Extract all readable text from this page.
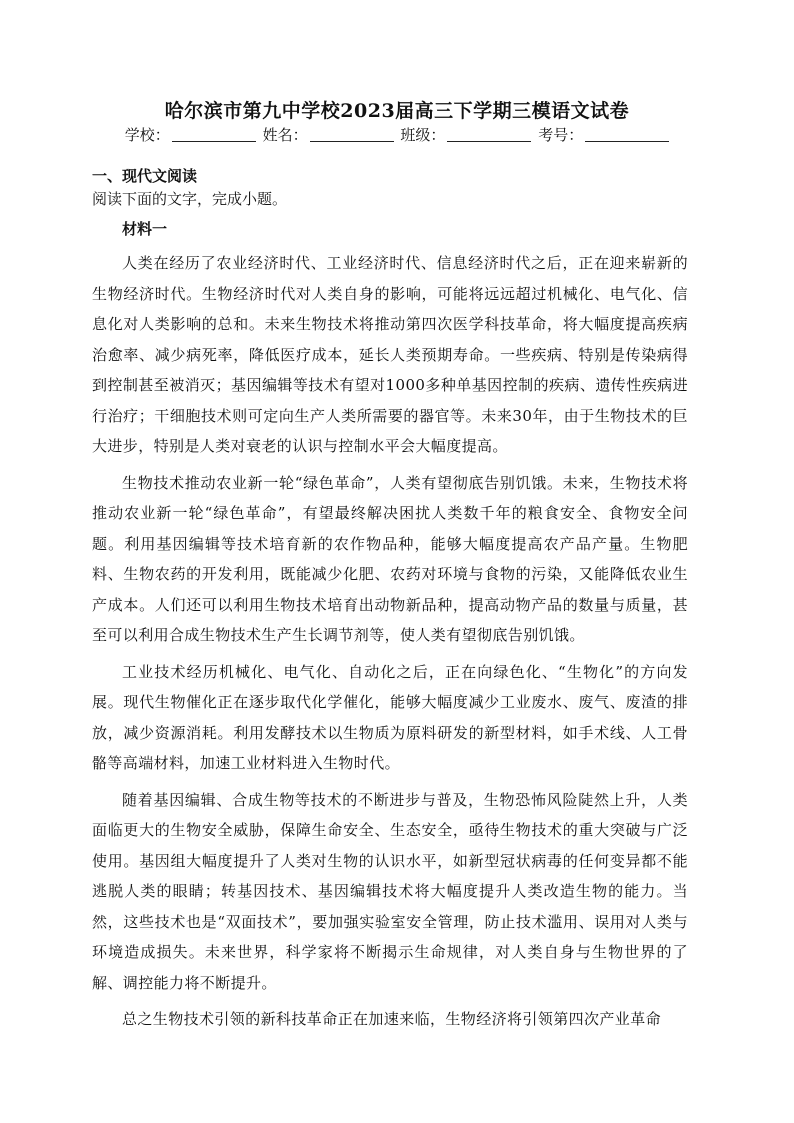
哈尔滨市第九中学校2023届高三下学期三模语文试卷
学校：	姓名：	班级：	考号：
一、现代文阅读
阅读下面的文字，完成小题。
材料一

人类在经历了农业经济时代、工业经济时代、信息经济时代之后，正在迎来崭新的生物经济时代。生物经济时代对人类自身的影响，可能将远远超过机械化、电气化、信息化对人类影响的总和。未来生物技术将推动第四次医学科技革命，将大幅度提高疾病治愈率、减少病死率，降低医疗成本，延长人类预期寿命。一些疾病、特别是传染病得到控制甚至被消灭；基因编辑等技术有望对1000多种单基因控制的疾病、遗传性疾病进行治疗；干细胞技术则可定向生产人类所需要的器官等。未来30年，由于生物技术的巨大进步，特别是人类对衰老的认识与控制水平会大幅度提高。

生物技术推动农业新一轮“绿色革命”，人类有望彻底告别饥饿。未来，生物技术将推动农业新一轮“绿色革命”，有望最终解决困扰人类数千年的粮食安全、食物安全问题。利用基因编辑等技术培育新的农作物品种，能够大幅度提高农产品产量。生物肥料、生物农药的开发利用，既能减少化肥、农药对环境与食物的污染，又能降低农业生产成本。人们还可以利用生物技术培育出动物新品种，提高动物产品的数量与质量，甚至可以利用合成生物技术生产生长调节剂等，使人类有望彻底告别饥饿。

工业技术经历机械化、电气化、自动化之后，正在向绿色化、“生物化”的方向发展。现代生物催化正在逐步取代化学催化，能够大幅度减少工业废水、废气、废渣的排放，减少资源消耗。利用发酵技术以生物质为原料研发的新型材料，如手术线、人工骨骼等高端材料，加速工业材料进入生物时代。

随着基因编辑、合成生物等技术的不断进步与普及，生物恐怖风险陡然上升，人类面临更大的生物安全威胁，保障生命安全、生态安全，亟待生物技术的重大突破与广泛使用。基因组大幅度提升了人类对生物的认识水平，如新型冠状病毒的任何变异都不能逃脱人类的眼睛；转基因技术、基因编辑技术将大幅度提升人类改造生物的能力。当然，这些技术也是“双面技术”，要加强实验室安全管理，防止技术滥用、误用对人类与环境造成损失。未来世界，科学家将不断揭示生命规律，对人类自身与生物世界的了解、调控能力将不断提升。

总之生物技术引领的新科技革命正在加速来临，生物经济将引领第四次产业革命
